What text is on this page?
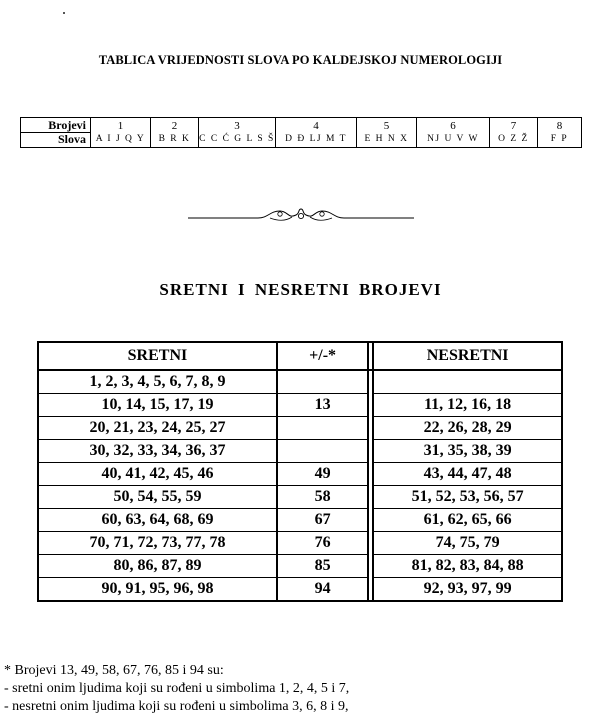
TABLICA VRIJEDNOSTI SLOVA PO KALDEJSKOJ NUMEROLOGIJI
Brojevi	1	2	3	4	5	6	7	8
Slova	A I J Q Y	B R K	C C Ć G L S Š	D Đ LJ M T	E H N X	NJ U V W	O Z Ž	F P
SRETNI I NESRETNI BROJEVI
SRETNI	+/-*		NESRETNI
1, 2, 3, 4, 5, 6, 7, 8, 9			
10, 14, 15, 17, 19	13		11, 12, 16, 18
20, 21, 23, 24, 25, 27			22, 26, 28, 29
30, 32, 33, 34, 36, 37			31, 35, 38, 39
40, 41, 42, 45, 46	49		43, 44, 47, 48
50, 54, 55, 59	58		51, 52, 53, 56, 57
60, 63, 64, 68, 69	67		61, 62, 65, 66
70, 71, 72, 73, 77, 78	76		74, 75, 79
80, 86, 87, 89	85		81, 82, 83, 84, 88
90, 91, 95, 96, 98	94		92, 93, 97, 99
* Brojevi 13, 49, 58, 67, 76, 85 i 94 su:
- sretni onim ljudima koji su rođeni u simbolima 1, 2, 4, 5 i 7,
- nesretni onim ljudima koji su rođeni u simbolima 3, 6, 8 i 9,
